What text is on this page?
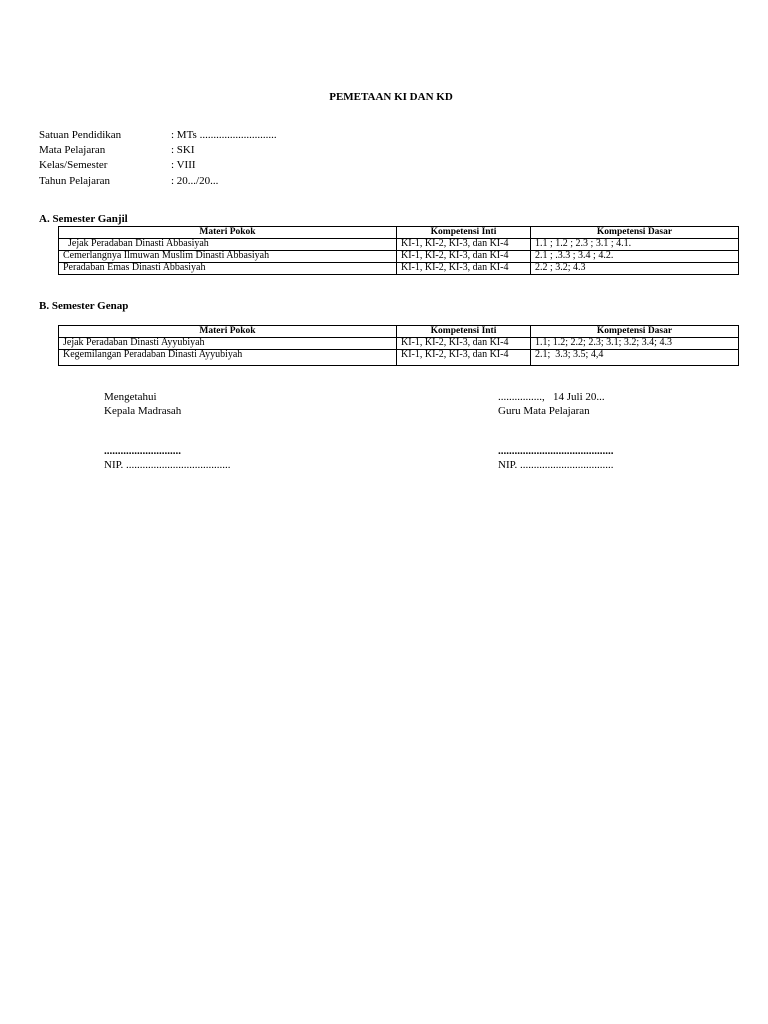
PEMETAAN KI DAN KD
Satuan Pendidikan	: MTs ............................
Mata Pelajaran	: SKI
Kelas/Semester	: VIII
Tahun Pelajaran	: 20.../20...
A. Semester Ganjil
Materi Pokok	Kompetensi Inti	Kompetensi Dasar
Jejak Peradaban Dinasti Abbasiyah	KI-1, KI-2, KI-3, dan KI-4	1.1 ; 1.2 ; 2.3 ; 3.1 ; 4.1.
Cemerlangnya Ilmuwan Muslim Dinasti Abbasiyah	KI-1, KI-2, KI-3, dan KI-4	2.1 ; .3.3 ; 3.4 ; 4.2.
Peradaban Emas Dinasti Abbasiyah	KI-1, KI-2, KI-3, dan KI-4	2.2 ; 3.2; 4.3
B. Semester Genap
Materi Pokok	Kompetensi Inti	Kompetensi Dasar
Jejak Peradaban Dinasti Ayyubiyah	KI-1, KI-2, KI-3, dan KI-4	1.1; 1.2; 2.2; 2.3; 3.1; 3.2; 3.4; 4.3
Kegemilangan Peradaban Dinasti Ayyubiyah	KI-1, KI-2, KI-3, dan KI-4	2.1;  3.3; 3.5; 4,4
Mengetahui
Kepala Madrasah
............................
NIP. ......................................
................,   14 Juli 20...
Guru Mata Pelajaran
..........................................
NIP. ..................................
